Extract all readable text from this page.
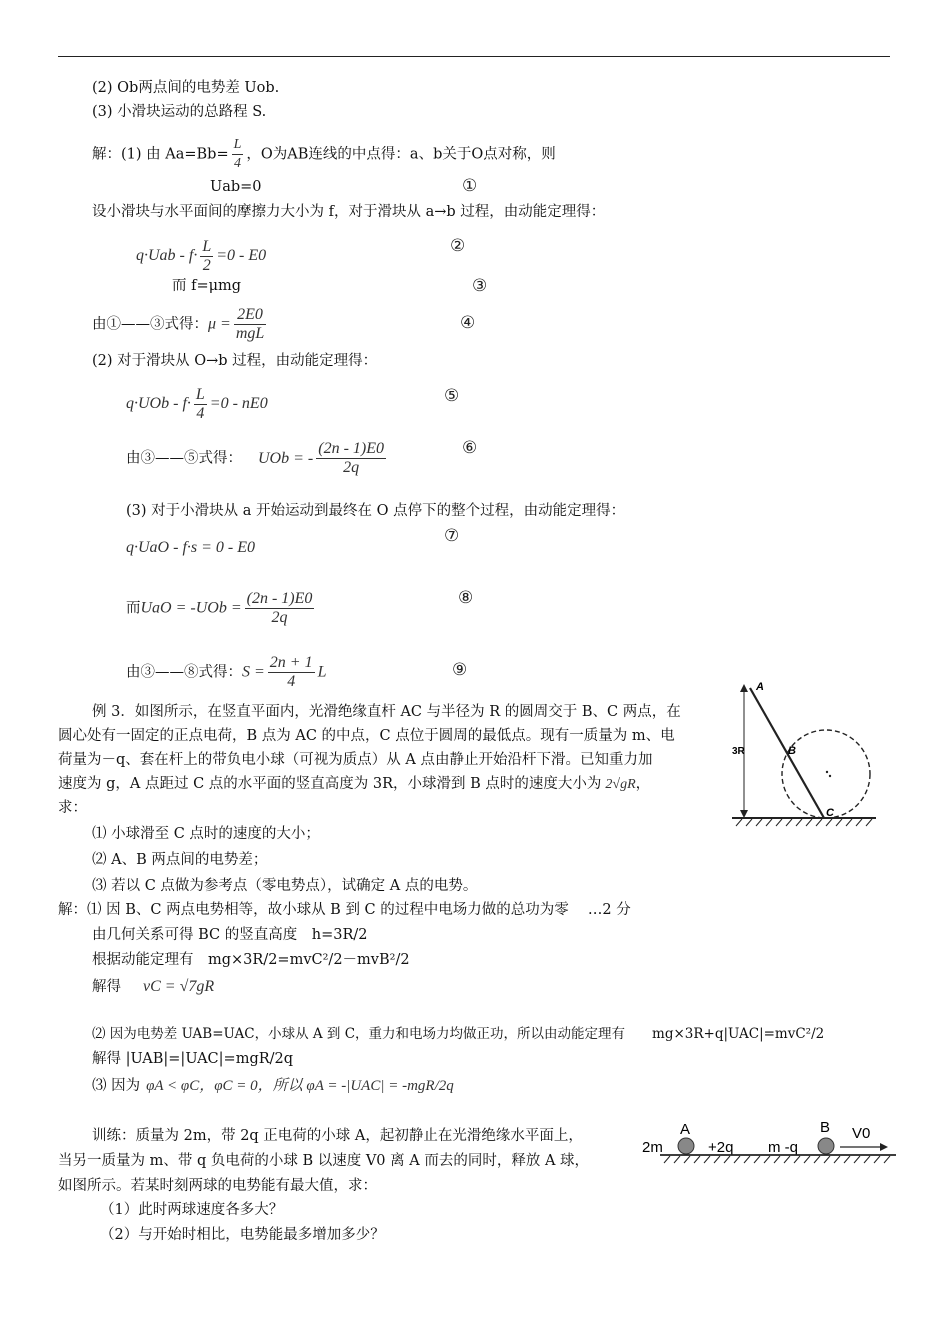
(2) Ob两点间的电势差 Uob.
(3) 小滑块运动的总路程 S.
解：(1) 由 $Aa=Bb= \frac{L}{4}$ ，O为AB连线的中点得：a、b关于O点对称，则
Uab=0	①
设小滑块与水平面间的摩擦力大小为 f，对于滑块从 a→b 过程，由动能定理得：
$q\cdot Uab - f\cdot \frac{L}{2} =0 - E0$	②
而 f=μmg	③
由①——③式得：$\mu = \frac{2E0}{\text{mgL}}$	④
(2) 对于滑块从 O→b 过程，由动能定理得：
$q\cdot UOb - f\cdot \frac{L}{4} =0 - nE0$	⑤
由③——⑤式得： UOb = - $\frac{(2n - 1)E0}{2q}$	⑥
(3) 对于小滑块从 a 开始运动到最终在 O 点停下的整个过程，由动能定理得：
⑦
q·UaO - f·s = 0 - E0
而UaO = $-UOb = \frac{(2n - 1)E0}{2q}$	⑧
由③——⑧式得：$S = \frac{2n + 1}{4}$ L	⑨
例 3．如图所示，在竖直平面内，光滑绝缘直杆 AC 与半径为 R 的圆周交于 B、C 两点，在
圆心处有一固定的正点电荷，B 点为 AC 的中点，C 点位于圆周的最低点。现有一质量为 m、电
荷量为－q、套在杆上的带负电小球（可视为质点）从 A 点由静止开始沿杆下滑。已知重力加
速度为 g，A 点距过 C 点的水平面的竖直高度为 3R，小球滑到 B 点时的速度大小为 2√gR，
求：
3R
A
B
C
⑴ 小球滑至 C 点时的速度的大小；
⑵ A、B 两点间的电势差；
⑶ 若以 C 点做为参考点（零电势点），试确定 A 点的电势。
解：⑴ 因 B、C 两点电势相等，故小球从 B 到 C 的过程中电场力做的总功为零　 …2 分
由几何关系可得 BC 的竖直高度　h=3R/2
根据动能定理有　mg×3R/2=mvC²/2－mvB²/2
解得 vC = √7gR
⑵ 因为电势差 UAB=UAC，小球从 A 到 C，重力和电场力均做正功，所以由动能定理有　　mg×3R+q|UAC|=mvC²/2
解得 |UAB|=|UAC|=mgR/2q
⑶ 因为 φA < φC，φC = 0，所以 φA = -|UAC| = -mgR/2q
训练：质量为 2m，带 2q 正电荷的小球 A，起初静止在光滑绝缘水平面上，
当另一质量为 m、带 q 负电荷的小球 B 以速度 V0 离 A 而去的同时，释放 A 球，
如图所示。若某时刻两球的电势能有最大值，求：
（1）此时两球速度各多大？
（2）与开始时相比，电势能最多增加多少？
A	B
2m	+2q m -q
V0
